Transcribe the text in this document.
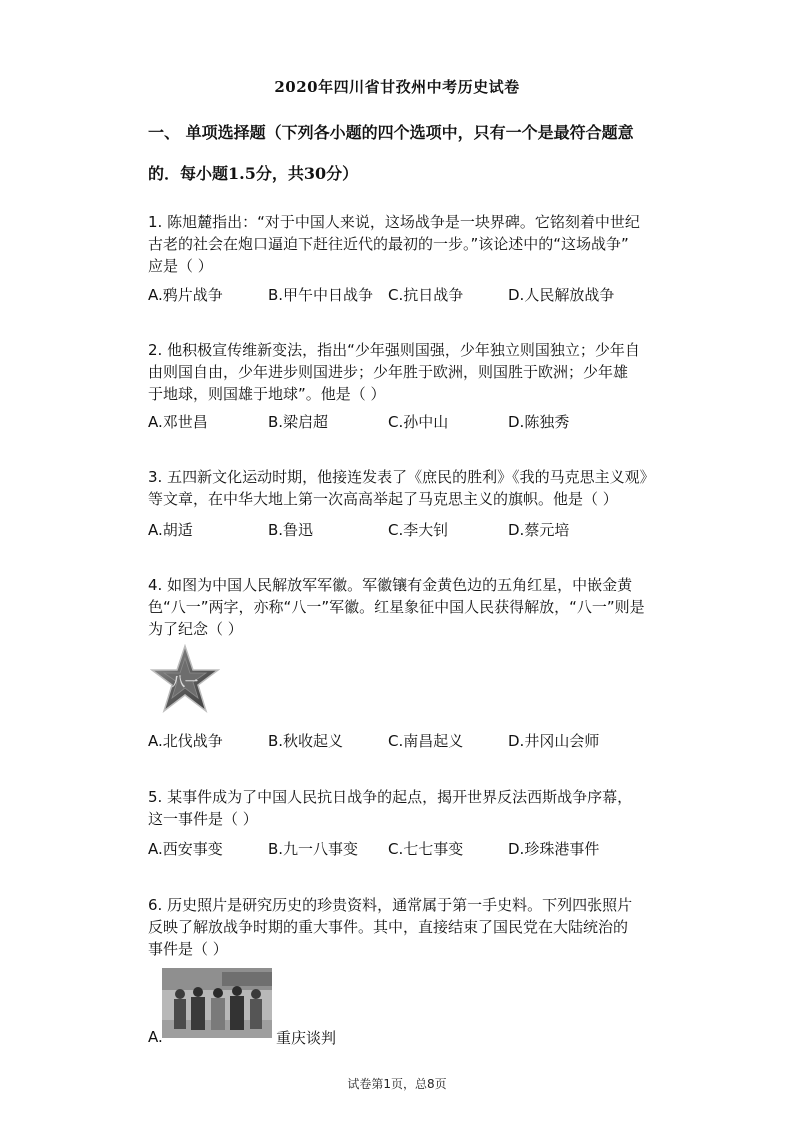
2020年四川省甘孜州中考历史试卷
一、 单项选择题（下列各小题的四个选项中，只有一个是最符合题意
的．每小题1.5分，共30分）
1. 陈旭麓指出：“对于中国人来说，这场战争是一块界碑。它铭刻着中世纪
古老的社会在炮口逼迫下赶往近代的最初的一步。”该论述中的“这场战争”
应是（ ）
A.鸦片战争	B.甲午中日战争 C.抗日战争	D.人民解放战争
2. 他积极宣传维新变法，指出“少年强则国强，少年独立则国独立；少年自
由则国自由，少年进步则国进步；少年胜于欧洲，则国胜于欧洲；少年雄
于地球，则国雄于地球”。他是（ ）
A.邓世昌	B.梁启超	C.孙中山	D.陈独秀
3. 五四新文化运动时期，他接连发表了《庶民的胜利》《我的马克思主义观》
等文章，在中华大地上第一次高高举起了马克思主义的旗帜。他是（ ）
A.胡适	B.鲁迅	C.李大钊	D.蔡元培
4. 如图为中国人民解放军军徽。军徽镶有金黄色边的五角红星，中嵌金黄
色“八一”两字，亦称“八一”军徽。红星象征中国人民获得解放，“八一”则是
为了纪念（ ）
八一
A.北伐战争	B.秋收起义	C.南昌起义	D.井冈山会师
5. 某事件成为了中国人民抗日战争的起点，揭开世界反法西斯战争序幕，
这一事件是（ ）
A.西安事变	B.九一八事变 C.七七事变	D.珍珠港事件
6. 历史照片是研究历史的珍贵资料，通常属于第一手史料。下列四张照片
反映了解放战争时期的重大事件。其中，直接结束了国民党在大陆统治的
事件是（ ）
A.	重庆谈判
试卷第1页，总8页
